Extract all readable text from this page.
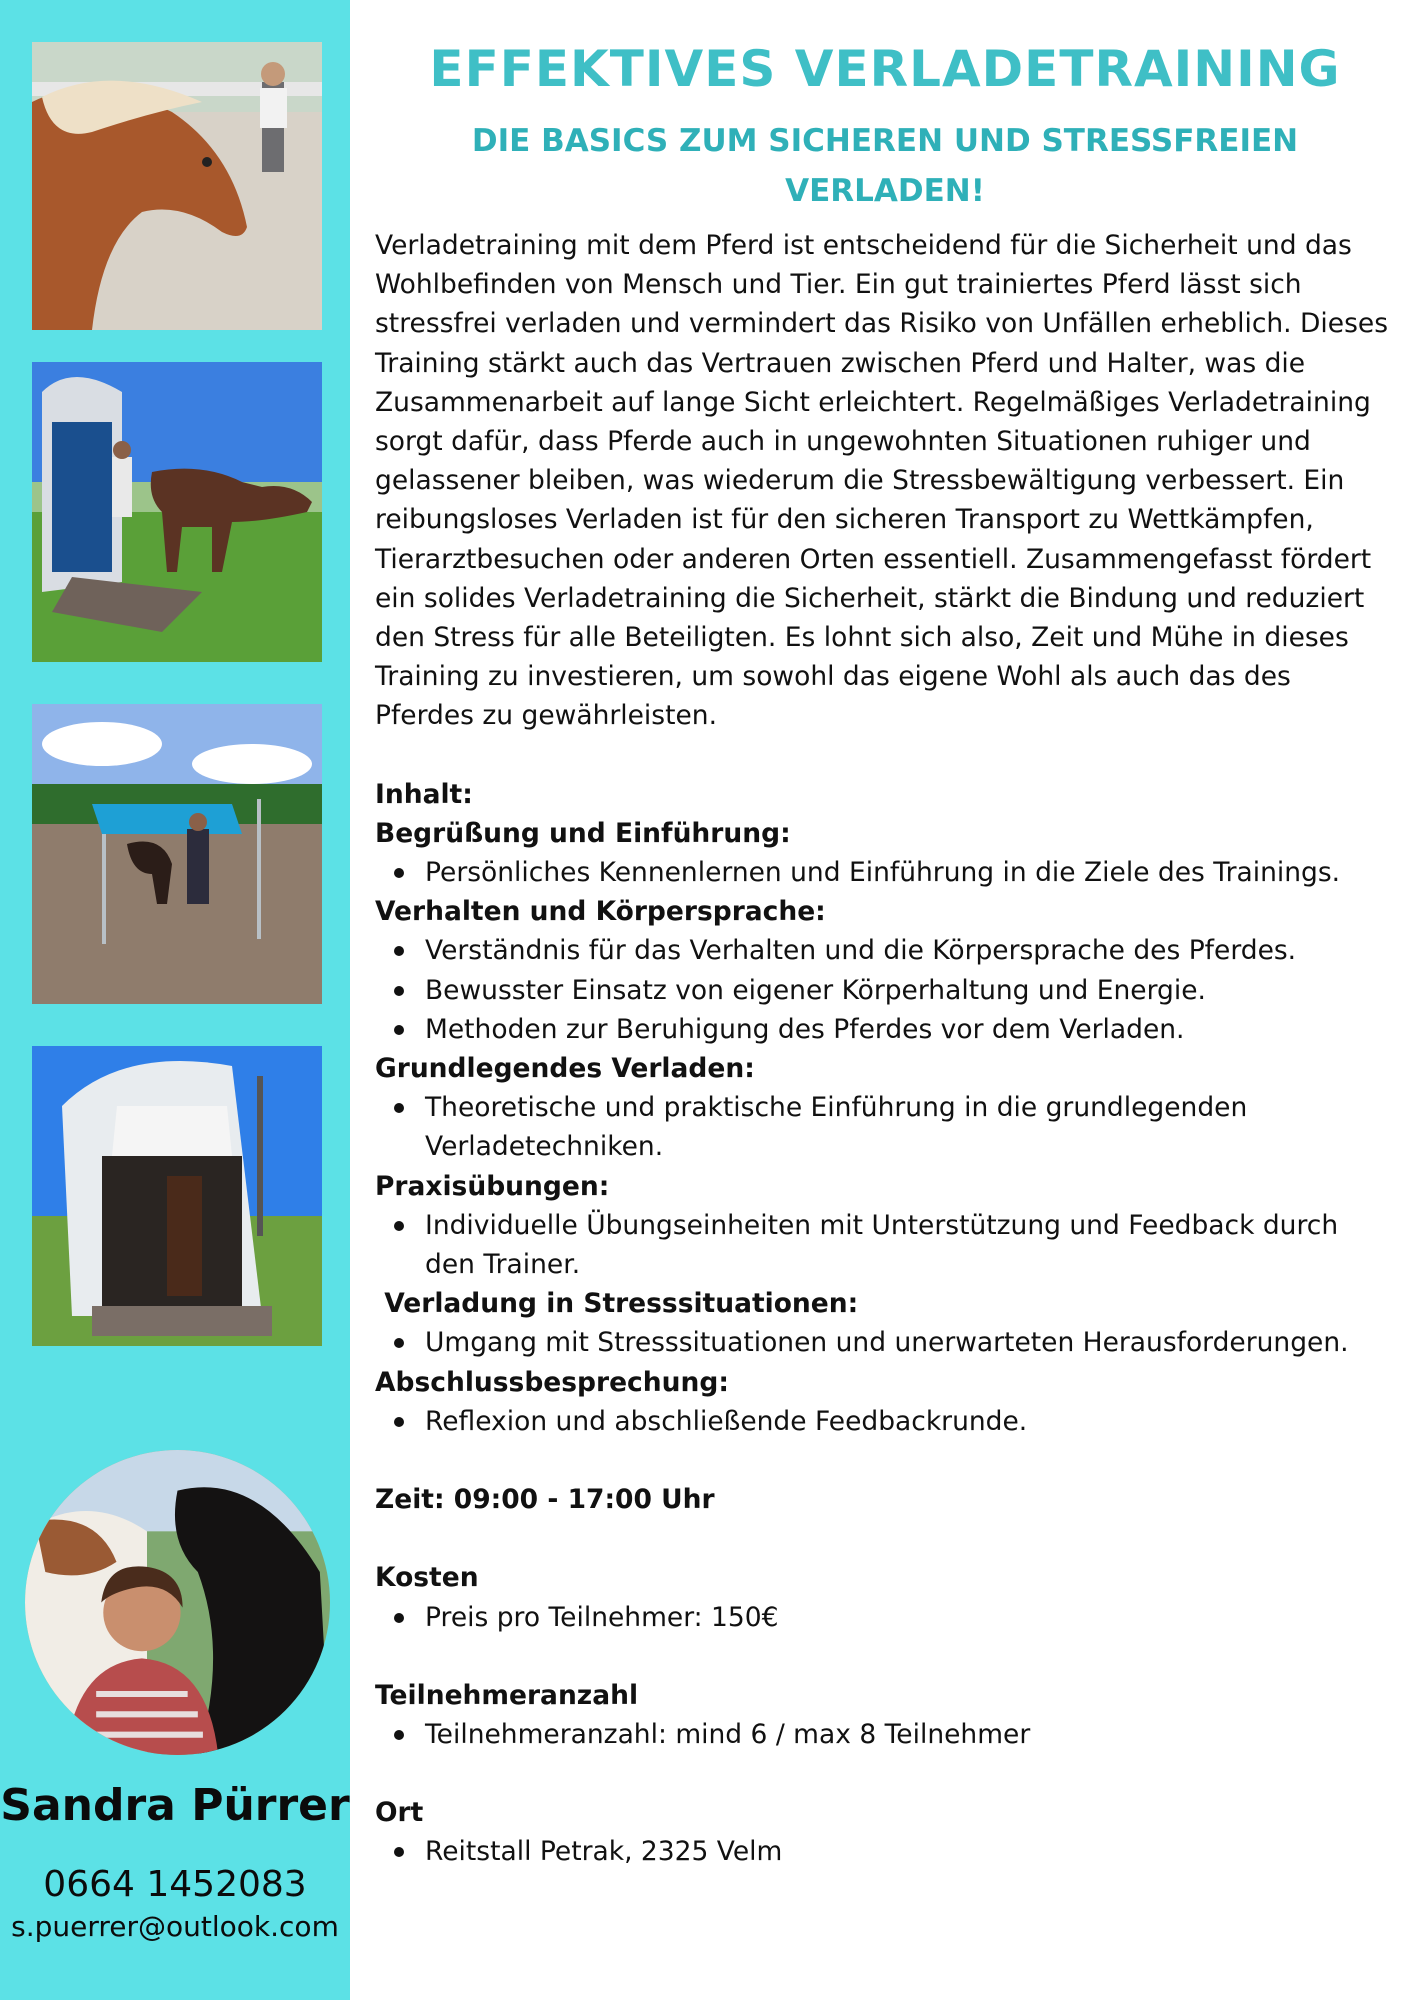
Sandra Pürrer
0664 1452083
s.puerrer@outlook.com
EFFEKTIVES VERLADETRAINING
DIE BASICS ZUM SICHEREN UND STRESSFREIEN VERLADEN!

Verladetraining mit dem Pferd ist entscheidend für die Sicherheit und das Wohlbefinden von Mensch und Tier. Ein gut trainiertes Pferd lässt sich stressfrei verladen und vermindert das Risiko von Unfällen erheblich. Dieses Training stärkt auch das Vertrauen zwischen Pferd und Halter, was die Zusammenarbeit auf lange Sicht erleichtert. Regelmäßiges Verladetraining sorgt dafür, dass Pferde auch in ungewohnten Situationen ruhiger und gelassener bleiben, was wiederum die Stressbewältigung verbessert. Ein reibungsloses Verladen ist für den sicheren Transport zu Wettkämpfen, Tierarztbesuchen oder anderen Orten essentiell. Zusammengefasst fördert ein solides Verladetraining die Sicherheit, stärkt die Bindung und reduziert den Stress für alle Beteiligten. Es lohnt sich also, Zeit und Mühe in dieses Training zu investieren, um sowohl das eigene Wohl als auch das des Pferdes zu gewährleisten.

Inhalt:
Begrüßung und Einführung:
Persönliches Kennenlernen und Einführung in die Ziele des Trainings.
Verhalten und Körpersprache:
Verständnis für das Verhalten und die Körpersprache des Pferdes.
Bewusster Einsatz von eigener Körperhaltung und Energie.
Methoden zur Beruhigung des Pferdes vor dem Verladen.
Grundlegendes Verladen:
Theoretische und praktische Einführung in die grundlegenden Verladetechniken.
Praxisübungen:
Individuelle Übungseinheiten mit Unterstützung und Feedback durch den Trainer.
Verladung in Stresssituationen:
Umgang mit Stresssituationen und unerwarteten Herausforderungen.
Abschlussbesprechung:
Reflexion und abschließende Feedbackrunde.
Zeit: 09:00 - 17:00 Uhr
Kosten
Preis pro Teilnehmer: 150€
Teilnehmeranzahl
Teilnehmeranzahl: mind 6 / max 8 Teilnehmer
Ort
Reitstall Petrak, 2325 Velm
